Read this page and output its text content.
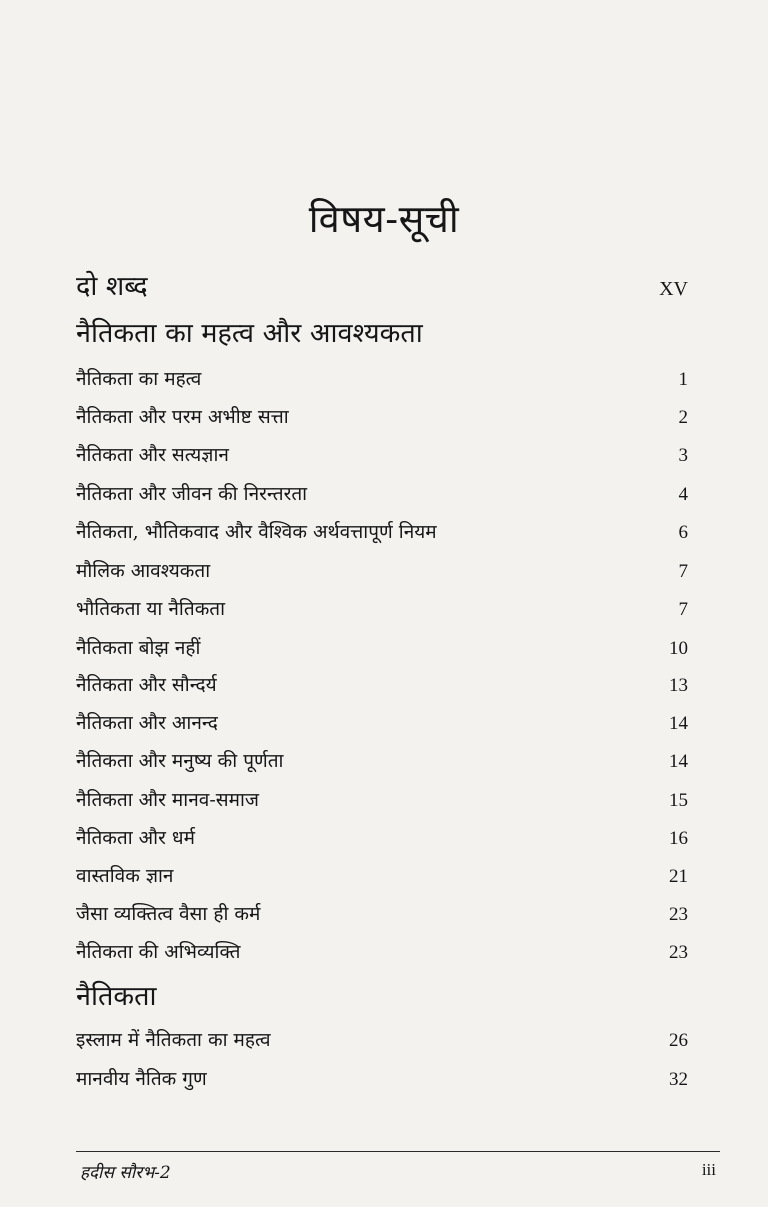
विषय-सूची
दो शब्द	XV
नैतिकता का महत्व और आवश्यकता
नैतिकता का महत्व	1
नैतिकता और परम अभीष्ट सत्ता	2
नैतिकता और सत्यज्ञान	3
नैतिकता और जीवन की निरन्तरता	4
नैतिकता, भौतिकवाद और वैश्विक अर्थवत्तापूर्ण नियम	6
मौलिक आवश्यकता	7
भौतिकता या नैतिकता	7
नैतिकता बोझ नहीं	10
नैतिकता और सौन्दर्य	13
नैतिकता और आनन्द	14
नैतिकता और मनुष्य की पूर्णता	14
नैतिकता और मानव-समाज	15
नैतिकता और धर्म	16
वास्तविक ज्ञान	21
जैसा व्यक्तित्व वैसा ही कर्म	23
नैतिकता की अभिव्यक्ति	23
नैतिकता
इस्लाम में नैतिकता का महत्व	26
मानवीय नैतिक गुण	32
हदीस सौरभ-2	iii
